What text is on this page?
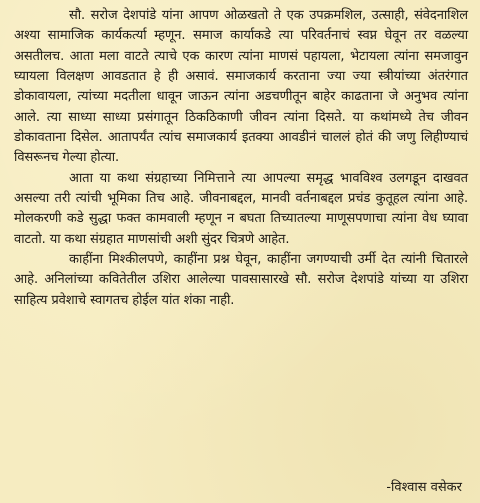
सौ. सरोज देशपांडे यांना आपण ओळखतो ते एक उपक्रमशिल, उत्साही, संवेदनाशिल अश्या सामाजिक कार्यकर्त्या म्हणून. समाज कार्याकडे त्या परिवर्तनाचं स्वप्न घेवून तर वळल्या असतीलच. आता मला वाटते त्याचे एक कारण त्यांना माणसं पहायला, भेटायला त्यांना समजावुन घ्यायला विलक्षण आवडतात हे ही असावं. समाजकार्य करताना ज्या ज्या स्त्रीयांच्या अंतरंगात डोकावायला, त्यांच्या मदतीला धावून जाऊन त्यांना अडचणीतून बाहेर काढताना जे अनुभव त्यांना आले. त्या साध्या साध्या प्रसंगातून ठिकठिकाणी जीवन त्यांना दिसते. या कथांमध्ये तेच जीवन डोकावताना दिसेल. आतापर्यंत त्यांच समाजकार्य इतक्या आवडीनं चाललं होतं की जणु लिहीण्याचं विसरूनच गेल्या होत्या.

आता या कथा संग्रहाच्या निमित्ताने त्या आपल्या समृद्ध भावविश्व उलगडून दाखवत असल्या तरी त्यांची भूमिका तिच आहे. जीवनाबद्दल, मानवी वर्तनाबद्दल प्रचंड कुतूहल त्यांना आहे. मोलकरणी कडे सुद्धा फक्त कामवाली म्हणून न बघता तिच्यातल्या माणूसपणाचा त्यांना वेध घ्यावा वाटतो. या कथा संग्रहात माणसांची अशी सुंदर चित्रणे आहेत.

काहींना मिश्कीलपणे, काहींना प्रश्न घेवून, काहींना जगण्याची उर्मी देत त्यांनी चितारले आहे. अनिलांच्या कवितेतील उशिरा आलेल्या पावसासारखे सौ. सरोज देशपांडे यांच्या या उशिरा साहित्य प्रवेशाचे स्वागतच होईल यांत शंका नाही.

-विश्वास वसेकर
